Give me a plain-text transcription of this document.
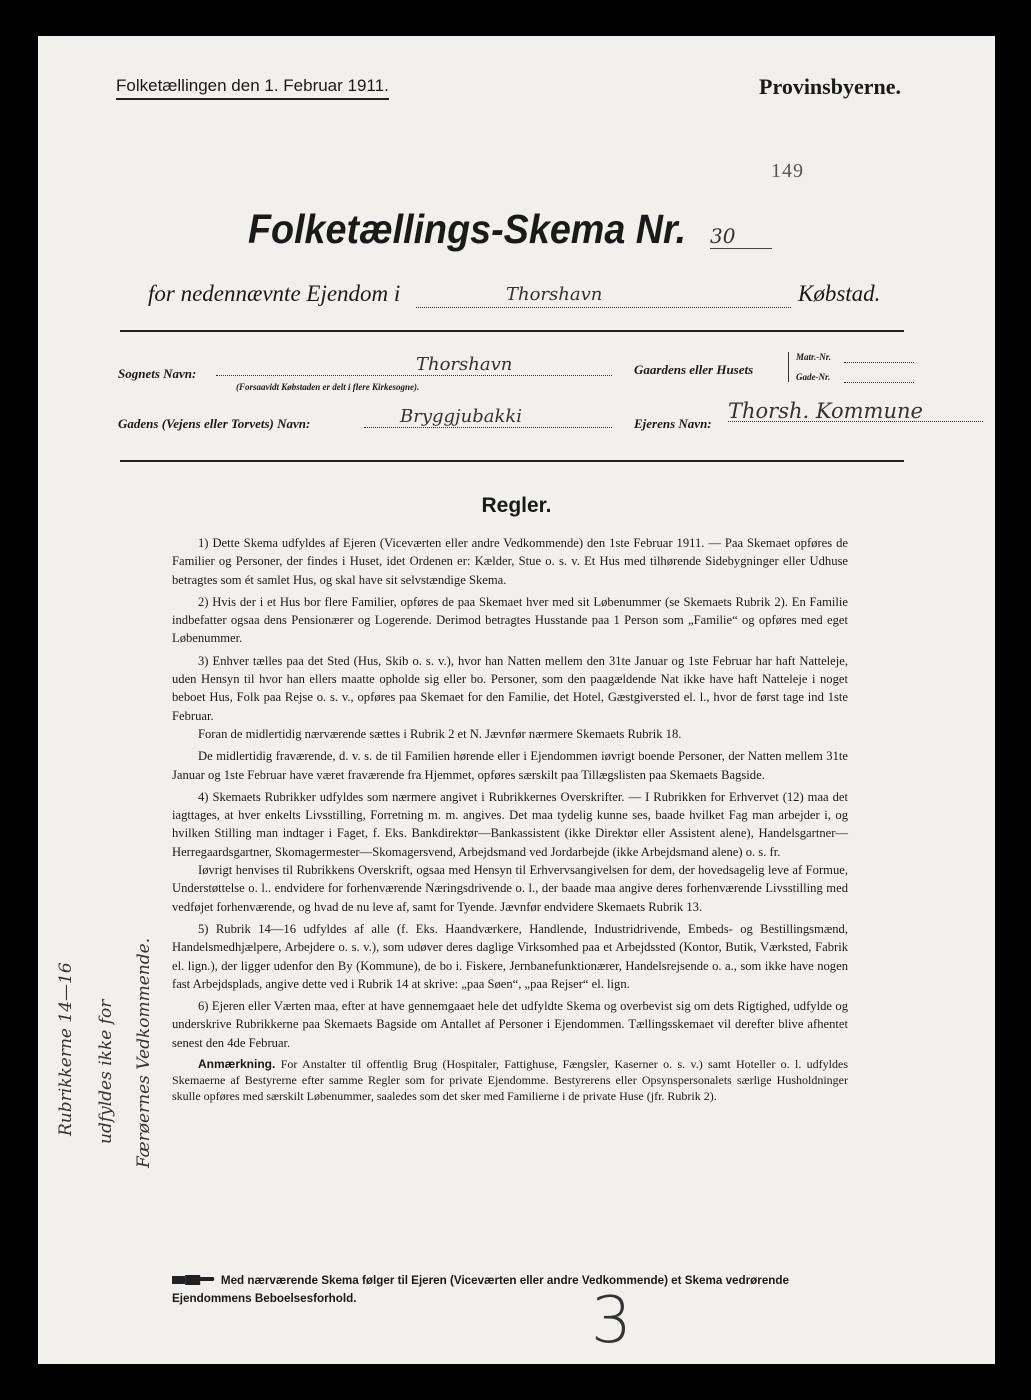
Folketællingen den 1. Februar 1911.	Provinsbyerne.
149
Folketællings-Skema Nr. 30
for nedennævnte Ejendom i	Thorshavn	Købstad.
Sognets Navn:	Thorshavn
(Forsaavidt Købstaden er delt i flere Kirkesogne).
Gaardens eller Husets
Matr.-Nr.
Gade-Nr.
Gadens (Vejens eller Torvets) Navn:	Bryggjubakki	Ejerens Navn:
Thorsh. Kommune
Regler.

1) Dette Skema udfyldes af Ejeren (Viceværten eller andre Vedkommende) den 1ste Februar 1911. — Paa Skemaet opføres de Familier og Personer, der findes i Huset, idet Ordenen er: Kælder, Stue o. s. v. Et Hus med tilhørende Sidebygninger eller Udhuse betragtes som ét samlet Hus, og skal have sit selvstændige Skema.

2) Hvis der i et Hus bor flere Familier, opføres de paa Skemaet hver med sit Løbenummer (se Skemaets Rubrik 2). En Familie indbefatter ogsaa dens Pensionærer og Logerende. Derimod betragtes Husstande paa 1 Person som „Familie“ og opføres med eget Løbenummer.

3) Enhver tælles paa det Sted (Hus, Skib o. s. v.), hvor han Natten mellem den 31te Januar og 1ste Februar har haft Natteleje, uden Hensyn til hvor han ellers maatte opholde sig eller bo. Personer, som den paagældende Nat ikke have haft Natteleje i noget beboet Hus, Folk paa Rejse o. s. v., opføres paa Skemaet for den Familie, det Hotel, Gæstgiversted el. l., hvor de først tage ind 1ste Februar.

Foran de midlertidig nærværende sættes i Rubrik 2 et N. Jævnfør nærmere Skemaets Rubrik 18.

De midlertidig fraværende, d. v. s. de til Familien hørende eller i Ejendommen iøvrigt boende Personer, der Natten mellem 31te Januar og 1ste Februar have været fraværende fra Hjemmet, opføres særskilt paa Tillægslisten paa Skemaets Bagside.

4) Skemaets Rubrikker udfyldes som nærmere angivet i Rubrikkernes Overskrifter. — I Rubrikken for Erhvervet (12) maa det iagttages, at hver enkelts Livsstilling, Forretning m. m. angives. Det maa tydelig kunne ses, baade hvilket Fag man arbejder i, og hvilken Stilling man indtager i Faget, f. Eks. Bankdirektør—Bankassistent (ikke Direktør eller Assistent alene), Handelsgartner—Herregaardsgartner, Skomagermester—Skomagersvend, Arbejdsmand ved Jordarbejde (ikke Arbejdsmand alene) o. s. fr.

Iøvrigt henvises til Rubrikkens Overskrift, ogsaa med Hensyn til Erhvervsangivelsen for dem, der hovedsagelig leve af Formue, Understøttelse o. l.. endvidere for forhenværende Næringsdrivende o. l., der baade maa angive deres forhenværende Livsstilling med vedføjet forhenværende, og hvad de nu leve af, samt for Tyende. Jævnfør endvidere Skemaets Rubrik 13.

5) Rubrik 14—16 udfyldes af alle (f. Eks. Haandværkere, Handlende, Industridrivende, Embeds- og Bestillingsmænd, Handelsmedhjælpere, Arbejdere o. s. v.), som udøver deres daglige Virksomhed paa et Arbejdssted (Kontor, Butik, Værksted, Fabrik el. lign.), der ligger udenfor den By (Kommune), de bo i. Fiskere, Jernbanefunktionærer, Handelsrejsende o. a., som ikke have nogen fast Arbejdsplads, angive dette ved i Rubrik 14 at skrive: „paa Søen“, „paa Rejser“ el. lign.

6) Ejeren eller Værten maa, efter at have gennemgaaet hele det udfyldte Skema og overbevist sig om dets Rigtighed, udfylde og underskrive Rubrikkerne paa Skemaets Bagside om Antallet af Personer i Ejendommen. Tællingsskemaet vil derefter blive afhentet senest den 4de Februar.

Anmærkning. For Anstalter til offentlig Brug (Hospitaler, Fattighuse, Fængsler, Kaserner o. s. v.) samt Hoteller o. l. udfyldes Skemaerne af Bestyrerne efter samme Regler som for private Ejendomme. Bestyrerens eller Opsynspersonalets særlige Husholdninger skulle opføres med særskilt Løbenummer, saaledes som det sker med Familierne i de private Huse (jfr. Rubrik 2).

Rubrikkerne 14—16 udfyldes ikke for Færøernes Vedkommende.
Med nærværende Skema følger til Ejeren (Viceværten eller andre Vedkommende) et Skema vedrørende Ejendommens Beboelsesforhold.	3
